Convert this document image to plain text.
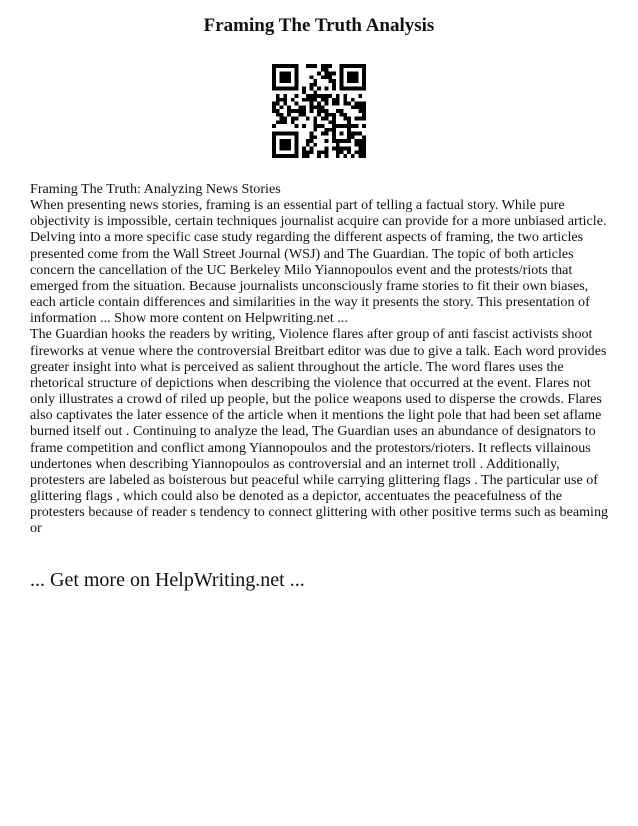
Framing The Truth Analysis

Framing The Truth: Analyzing News Stories

When presenting news stories, framing is an essential part of telling a factual story. While pure objectivity is impossible, certain techniques journalist acquire can provide for a more unbiased article. Delving into a more specific case study regarding the different aspects of framing, the two articles presented come from the Wall Street Journal (WSJ) and The Guardian. The topic of both articles concern the cancellation of the UC Berkeley Milo Yiannopoulos event and the protests/riots that emerged from the situation. Because journalists unconsciously frame stories to fit their own biases, each article contain differences and similarities in the way it presents the story. This presentation of information ... Show more content on Helpwriting.net ...

The Guardian hooks the readers by writing, Violence flares after group of anti fascist activists shoot fireworks at venue where the controversial Breitbart editor was due to give a talk. Each word provides greater insight into what is perceived as salient throughout the article. The word flares uses the rhetorical structure of depictions when describing the violence that occurred at the event. Flares not only illustrates a crowd of riled up people, but the police weapons used to disperse the crowds. Flares also captivates the later essence of the article when it mentions the light pole that had been set aflame burned itself out . Continuing to analyze the lead, The Guardian uses an abundance of designators to frame competition and conflict among Yiannopoulos and the protestors/rioters. It reflects villainous undertones when describing Yiannopoulos as controversial and an internet troll . Additionally, protesters are labeled as boisterous but peaceful while carrying glittering flags . The particular use of glittering flags , which could also be denoted as a depictor, accentuates the peacefulness of the protesters because of reader s tendency to connect glittering with other positive terms such as beaming or

... Get more on HelpWriting.net ...
